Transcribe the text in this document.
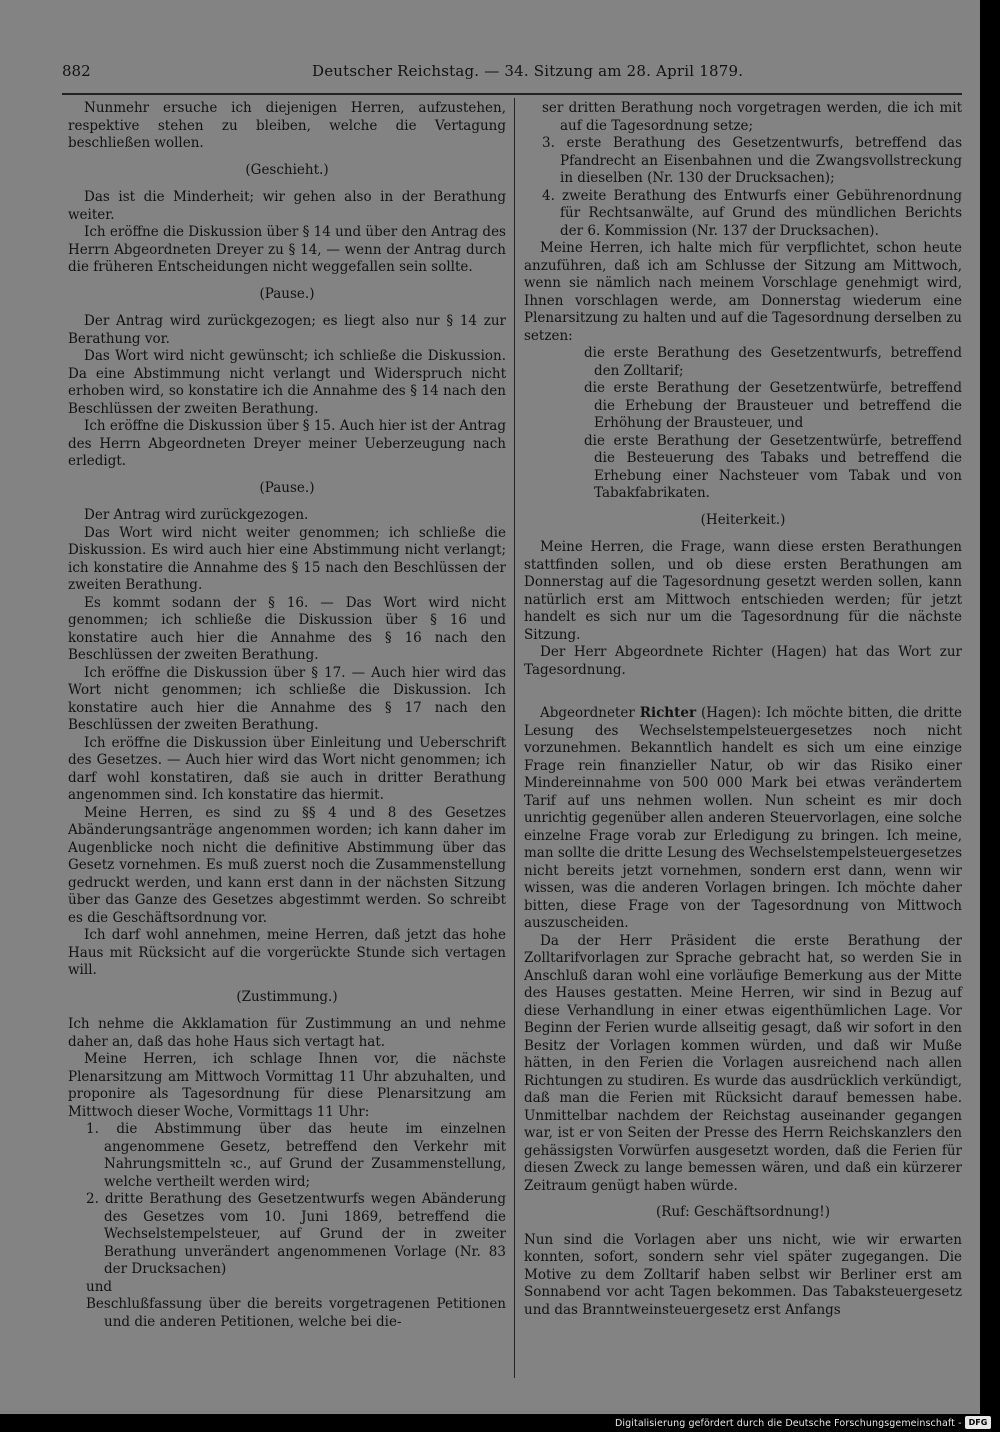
882	Deutscher Reichstag. — 34. Sitzung am 28. April 1879.

Nunmehr ersuche ich diejenigen Herren, aufzustehen, respektive stehen zu bleiben, welche die Vertagung beschließen wollen.

(Geschieht.)

Das ist die Minderheit; wir gehen also in der Berathung weiter.

Ich eröffne die Diskussion über § 14 und über den Antrag des Herrn Abgeordneten Dreyer zu § 14, — wenn der Antrag durch die früheren Entscheidungen nicht weggefallen sein sollte.

(Pause.)

Der Antrag wird zurückgezogen; es liegt also nur § 14 zur Berathung vor.

Das Wort wird nicht gewünscht; ich schließe die Diskussion. Da eine Abstimmung nicht verlangt und Widerspruch nicht erhoben wird, so konstatire ich die Annahme des § 14 nach den Beschlüssen der zweiten Berathung.

Ich eröffne die Diskussion über § 15. Auch hier ist der Antrag des Herrn Abgeordneten Dreyer meiner Ueberzeugung nach erledigt.

(Pause.)

Der Antrag wird zurückgezogen.

Das Wort wird nicht weiter genommen; ich schließe die Diskussion. Es wird auch hier eine Abstimmung nicht verlangt; ich konstatire die Annahme des § 15 nach den Beschlüssen der zweiten Berathung.

Es kommt sodann der § 16. — Das Wort wird nicht genommen; ich schließe die Diskussion über § 16 und konstatire auch hier die Annahme des § 16 nach den Beschlüssen der zweiten Berathung.

Ich eröffne die Diskussion über § 17. — Auch hier wird das Wort nicht genommen; ich schließe die Diskussion. Ich konstatire auch hier die Annahme des § 17 nach den Beschlüssen der zweiten Berathung.

Ich eröffne die Diskussion über Einleitung und Ueberschrift des Gesetzes. — Auch hier wird das Wort nicht genommen; ich darf wohl konstatiren, daß sie auch in dritter Berathung angenommen sind. Ich konstatire das hiermit.

Meine Herren, es sind zu §§ 4 und 8 des Gesetzes Abänderungsanträge angenommen worden; ich kann daher im Augenblicke noch nicht die definitive Abstimmung über das Gesetz vornehmen. Es muß zuerst noch die Zusammenstellung gedruckt werden, und kann erst dann in der nächsten Sitzung über das Ganze des Gesetzes abgestimmt werden. So schreibt es die Geschäftsordnung vor.

Ich darf wohl annehmen, meine Herren, daß jetzt das hohe Haus mit Rücksicht auf die vorgerückte Stunde sich vertagen will.

(Zustimmung.)

Ich nehme die Akklamation für Zustimmung an und nehme daher an, daß das hohe Haus sich vertagt hat.

Meine Herren, ich schlage Ihnen vor, die nächste Plenarsitzung am Mittwoch Vormittag 11 Uhr abzuhalten, und proponire als Tagesordnung für diese Plenarsitzung am Mittwoch dieser Woche, Vormittags 11 Uhr:

1. die Abstimmung über das heute im einzelnen angenommene Gesetz, betreffend den Verkehr mit Nahrungsmitteln ꝛc., auf Grund der Zusammenstellung, welche vertheilt werden wird;

2. dritte Berathung des Gesetzentwurfs wegen Abänderung des Gesetzes vom 10. Juni 1869, betreffend die Wechselstempelsteuer, auf Grund der in zweiter Berathung unverändert angenommenen Vorlage (Nr. 83 der Drucksachen)

und

Beschlußfassung über die bereits vorgetragenen Petitionen und die anderen Petitionen, welche bei die-

ser dritten Berathung noch vorgetragen werden, die ich mit auf die Tagesordnung setze;

3. erste Berathung des Gesetzentwurfs, betreffend das Pfandrecht an Eisenbahnen und die Zwangsvollstreckung in dieselben (Nr. 130 der Drucksachen);

4. zweite Berathung des Entwurfs einer Gebührenordnung für Rechtsanwälte, auf Grund des mündlichen Berichts der 6. Kommission (Nr. 137 der Drucksachen).

Meine Herren, ich halte mich für verpflichtet, schon heute anzuführen, daß ich am Schlusse der Sitzung am Mittwoch, wenn sie nämlich nach meinem Vorschlage genehmigt wird, Ihnen vorschlagen werde, am Donnerstag wiederum eine Plenarsitzung zu halten und auf die Tagesordnung derselben zu setzen:

die erste Berathung des Gesetzentwurfs, betreffend den Zolltarif;

die erste Berathung der Gesetzentwürfe, betreffend die Erhebung der Brausteuer und betreffend die Erhöhung der Brausteuer, und

die erste Berathung der Gesetzentwürfe, betreffend die Besteuerung des Tabaks und betreffend die Erhebung einer Nachsteuer vom Tabak und von Tabakfabrikaten.

(Heiterkeit.)

Meine Herren, die Frage, wann diese ersten Berathungen stattfinden sollen, und ob diese ersten Berathungen am Donnerstag auf die Tagesordnung gesetzt werden sollen, kann natürlich erst am Mittwoch entschieden werden; für jetzt handelt es sich nur um die Tagesordnung für die nächste Sitzung.

Der Herr Abgeordnete Richter (Hagen) hat das Wort zur Tagesordnung.

Abgeordneter Richter (Hagen): Ich möchte bitten, die dritte Lesung des Wechselstempelsteuergesetzes noch nicht vorzunehmen. Bekanntlich handelt es sich um eine einzige Frage rein finanzieller Natur, ob wir das Risiko einer Mindereinnahme von 500 000 Mark bei etwas verändertem Tarif auf uns nehmen wollen. Nun scheint es mir doch unrichtig gegenüber allen anderen Steuervorlagen, eine solche einzelne Frage vorab zur Erledigung zu bringen. Ich meine, man sollte die dritte Lesung des Wechselstempelsteuergesetzes nicht bereits jetzt vornehmen, sondern erst dann, wenn wir wissen, was die anderen Vorlagen bringen. Ich möchte daher bitten, diese Frage von der Tagesordnung von Mittwoch auszuscheiden.

Da der Herr Präsident die erste Berathung der Zolltarifvorlagen zur Sprache gebracht hat, so werden Sie in Anschluß daran wohl eine vorläufige Bemerkung aus der Mitte des Hauses gestatten. Meine Herren, wir sind in Bezug auf diese Verhandlung in einer etwas eigenthümlichen Lage. Vor Beginn der Ferien wurde allseitig gesagt, daß wir sofort in den Besitz der Vorlagen kommen würden, und daß wir Muße hätten, in den Ferien die Vorlagen ausreichend nach allen Richtungen zu studiren. Es wurde das ausdrücklich verkündigt, daß man die Ferien mit Rücksicht darauf bemessen habe. Unmittelbar nachdem der Reichstag auseinander gegangen war, ist er von Seiten der Presse des Herrn Reichskanzlers den gehässigsten Vorwürfen ausgesetzt worden, daß die Ferien für diesen Zweck zu lange bemessen wären, und daß ein kürzerer Zeitraum genügt haben würde.

(Ruf: Geschäftsordnung!)

Nun sind die Vorlagen aber uns nicht, wie wir erwarten konnten, sofort, sondern sehr viel später zugegangen. Die Motive zu dem Zolltarif haben selbst wir Berliner erst am Sonnabend vor acht Tagen bekommen. Das Tabaksteuergesetz und das Branntweinsteuergesetz erst Anfangs

Digitalisierung gefördert durch die Deutsche Forschungsgemeinschaft - DFG
